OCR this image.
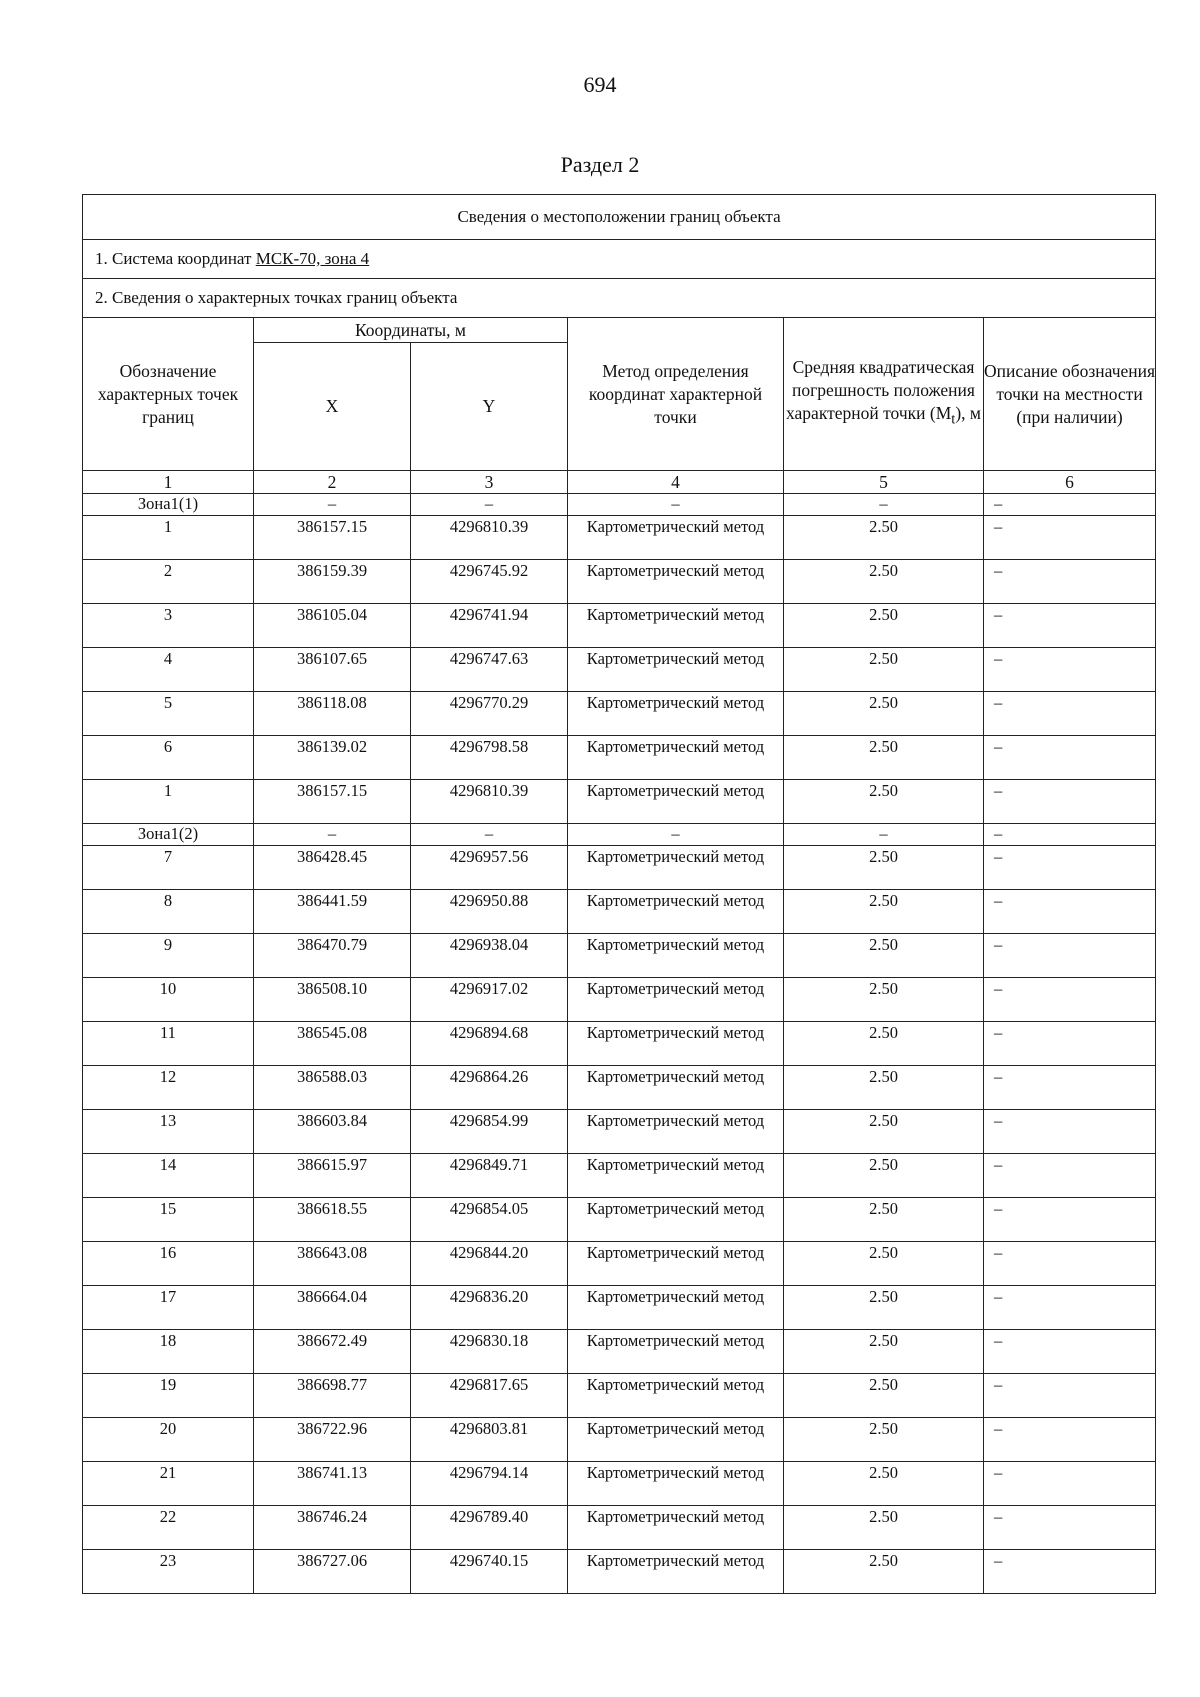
694
Раздел 2
Сведения о местоположении границ объекта					
1. Система координат МСК-70, зона 4					
2. Сведения о характерных точках границ объекта					
Обозначение характерных точек границ	Координаты, м		Метод определения координат характерной точки	Средняя квадратическая погрешность положения характерной точки $(M_t)$, м	Описание обозначения точки на местности (при наличии)
	X	Y			
1	2	3	4	5	6
Зона1(1)	–	–	–	–	–
1	386157.15	4296810.39	Картометрический метод	2.50	–
2	386159.39	4296745.92	Картометрический метод	2.50	–
3	386105.04	4296741.94	Картометрический метод	2.50	–
4	386107.65	4296747.63	Картометрический метод	2.50	–
5	386118.08	4296770.29	Картометрический метод	2.50	–
6	386139.02	4296798.58	Картометрический метод	2.50	–
1	386157.15	4296810.39	Картометрический метод	2.50	–
Зона1(2)	–	–	–	–	–
7	386428.45	4296957.56	Картометрический метод	2.50	–
8	386441.59	4296950.88	Картометрический метод	2.50	–
9	386470.79	4296938.04	Картометрический метод	2.50	–
10	386508.10	4296917.02	Картометрический метод	2.50	–
11	386545.08	4296894.68	Картометрический метод	2.50	–
12	386588.03	4296864.26	Картометрический метод	2.50	–
13	386603.84	4296854.99	Картометрический метод	2.50	–
14	386615.97	4296849.71	Картометрический метод	2.50	–
15	386618.55	4296854.05	Картометрический метод	2.50	–
16	386643.08	4296844.20	Картометрический метод	2.50	–
17	386664.04	4296836.20	Картометрический метод	2.50	–
18	386672.49	4296830.18	Картометрический метод	2.50	–
19	386698.77	4296817.65	Картометрический метод	2.50	–
20	386722.96	4296803.81	Картометрический метод	2.50	–
21	386741.13	4296794.14	Картометрический метод	2.50	–
22	386746.24	4296789.40	Картометрический метод	2.50	–
23	386727.06	4296740.15	Картометрический метод	2.50	–
